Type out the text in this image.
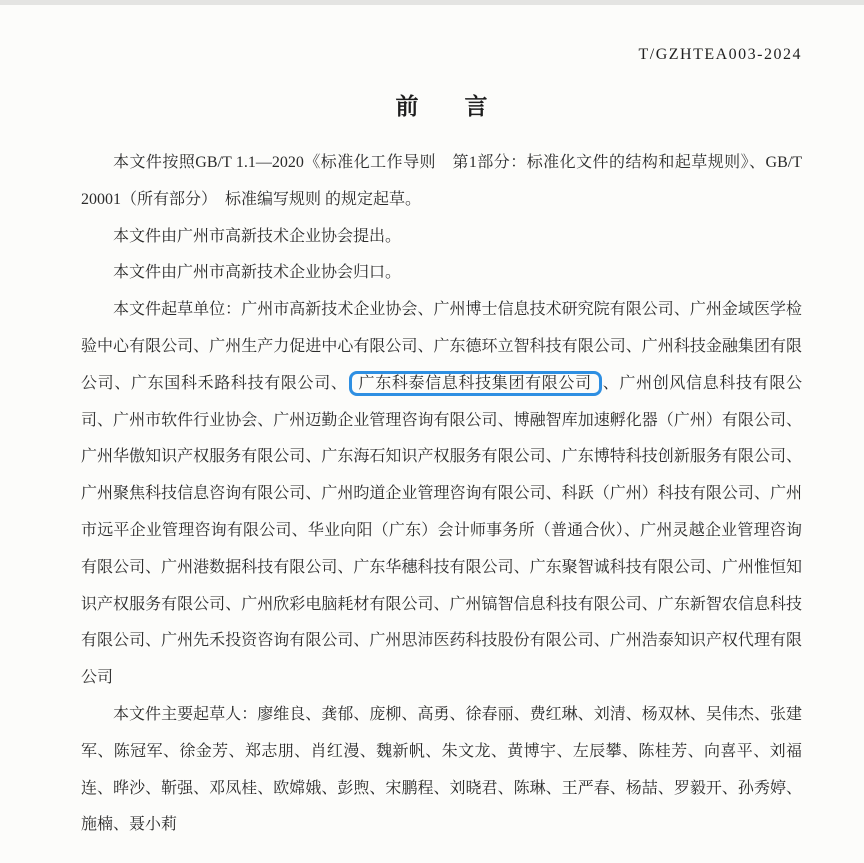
T/GZHTEA003-2024
前　　言

本文件按照GB/T 1.1—2020《标准化工作导则　第1部分：标准化文件的结构和起草规则》、GB/T 20001（所有部分）　标准编写规则 的规定起草。

本文件由广州市高新技术企业协会提出。

本文件由广州市高新技术企业协会归口。

本文件起草单位：广州市高新技术企业协会、广州博士信息技术研究院有限公司、广州金域医学检验中心有限公司、广州生产力促进中心有限公司、广东德环立智科技有限公司、广州科技金融集团有限公司、广东国科禾路科技有限公司、 广东科泰信息科技集团有限公司 、广州创风信息科技有限公司、广州市软件行业协会、广州迈勤企业管理咨询有限公司、博融智库加速孵化器（广州）有限公司、广州华傲知识产权服务有限公司、广东海石知识产权服务有限公司、广东博特科技创新服务有限公司、广州聚焦科技信息咨询有限公司、广州昀道企业管理咨询有限公司、科跃（广州）科技有限公司、广州市远平企业管理咨询有限公司、华业向阳（广东）会计师事务所（普通合伙）、广州灵越企业管理咨询有限公司、广州港数据科技有限公司、广东华穗科技有限公司、广东聚智诚科技有限公司、广州惟恒知识产权服务有限公司、广州欣彩电脑耗材有限公司、广州镐智信息科技有限公司、广东新智农信息科技有限公司、广州先禾投资咨询有限公司、广州思沛医药科技股份有限公司、广州浩泰知识产权代理有限公司

本文件主要起草人：廖维良、龚郁、庞柳、高勇、徐春丽、费红琳、刘清、杨双林、吴伟杰、张建军、陈冠军、徐金芳、郑志朋、肖红漫、魏新帆、朱文龙、黄博宇、左辰攀、陈桂芳、向喜平、刘福连、晔沙、靳强、邓凤桂、欧嫦娥、彭煦、宋鹏程、刘晓君、陈琳、王严春、杨喆、罗毅开、孙秀婷、施楠、聂小莉
